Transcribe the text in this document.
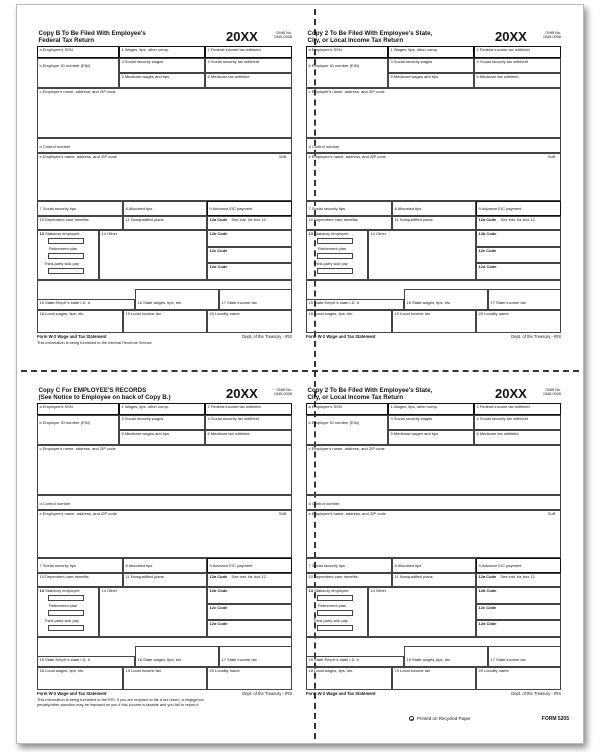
Printed on Recycled Paper	FORM 5205
Copy B To Be Filed With Employee's
Federal Tax Return	20XX	OMB No.
1545-0008
a Employee's SSN	1 Wages, tips, other comp.	2 Federal income tax withheld
b Employer ID number (EIN)
3 Social security wages	4 Social security tax withheld
5 Medicare wages and tips	6 Medicare tax withheld
c Employer's name, address, and ZIP code
d Control number
e Employee's name, address, and ZIP code	Suff.
7 Social security tips	8 Allocated tips	9 Advance EIC payment
10 Dependent care benefits	11 Nonqualified plans	12a Code See inst. for box 12
13 Statutory employee
Retirement plan
Third-party sick pay
14 Other	12b Code
12c Code
12d Code
15 State Empl'r's state I.D. #	16 State wages, tips, etc.	17 State income tax
18 Local wages, tips, etc.	19 Local income tax	20 Locality name
Form W-2 Wage and Tax Statement	Dept. of the Treasury - IRS
This information is being furnished to the Internal Revenue Service
Copy 2 To Be Filed With Employee's State,
City, or Local Income Tax Return	20XX	OMB No.
1545-0008
a Employee's SSN	1 Wages, tips, other comp.	2 Federal income tax withheld
b Employer ID number (EIN)
3 Social security wages	4 Social security tax withheld
5 Medicare wages and tips	6 Medicare tax withheld
c Employer's name, address, and ZIP code
d Control number
e Employee's name, address, and ZIP code	Suff.
7 Social security tips	8 Allocated tips	9 Advance EIC payment
10 Dependent care benefits	11 Nonqualified plans	12a Code See inst. for box 12
13 Statutory employee
Retirement plan
Third-party sick pay
14 Other	12b Code
12c Code
12d Code
15 State Empl'r's state I.D. #	16 State wages, tips, etc.	17 State income tax
18 Local wages, tips, etc.	19 Local income tax	20 Locality name
Form W-2 Wage and Tax Statement	Dept. of the Treasury - IRS
Copy C For EMPLOYEE'S RECORDS
(See Notice to Employee on back of Copy B.)	20XX	OMB No.
1545-0008
a Employee's SSN	1 Wages, tips, other comp.	2 Federal income tax withheld
b Employer ID number (EIN)
3 Social security wages	4 Social security tax withheld
5 Medicare wages and tips	6 Medicare tax withheld
c Employer's name, address, and ZIP code
d Control number
e Employee's name, address, and ZIP code	Suff.
7 Social security tips	8 Allocated tips	9 Advance EIC payment
10 Dependent care benefits	11 Nonqualified plans	12a Code See inst. for box 12
13 Statutory employee
Retirement plan
Third-party sick pay
14 Other	12b Code
12c Code
12d Code
15 State Empl'r's state I.D. #	16 State wages, tips, etc.	17 State income tax
18 Local wages, tips, etc.	19 Local income tax	20 Locality name
Form W-2 Wage and Tax Statement	Dept. of the Treasury - IRS
This information is being furnished to the IRS. If you are required to file a tax return, a negligence
penalty/other sanction may be imposed on you if this income is taxable and you fail to report it.
Copy 2 To Be Filed With Employee's State,
City, or Local Income Tax Return	20XX	OMB No.
1545-0008
a Employee's SSN	1 Wages, tips, other comp.	2 Federal income tax withheld
b Employer ID number (EIN)
3 Social security wages	4 Social security tax withheld
5 Medicare wages and tips	6 Medicare tax withheld
c Employer's name, address, and ZIP code
d Control number
e Employee's name, address, and ZIP code	Suff.
7 Social security tips	8 Allocated tips	9 Advance EIC payment
10 Dependent care benefits	11 Nonqualified plans	12a Code See inst. for box 12
13 Statutory employee
Retirement plan
Third-party sick pay
14 Other	12b Code
12c Code
12d Code
15 State Empl'r's state I.D. #	16 State wages, tips, etc.	17 State income tax
18 Local wages, tips, etc.	19 Local income tax	20 Locality name
Form W-2 Wage and Tax Statement	Dept. of the Treasury - IRS
